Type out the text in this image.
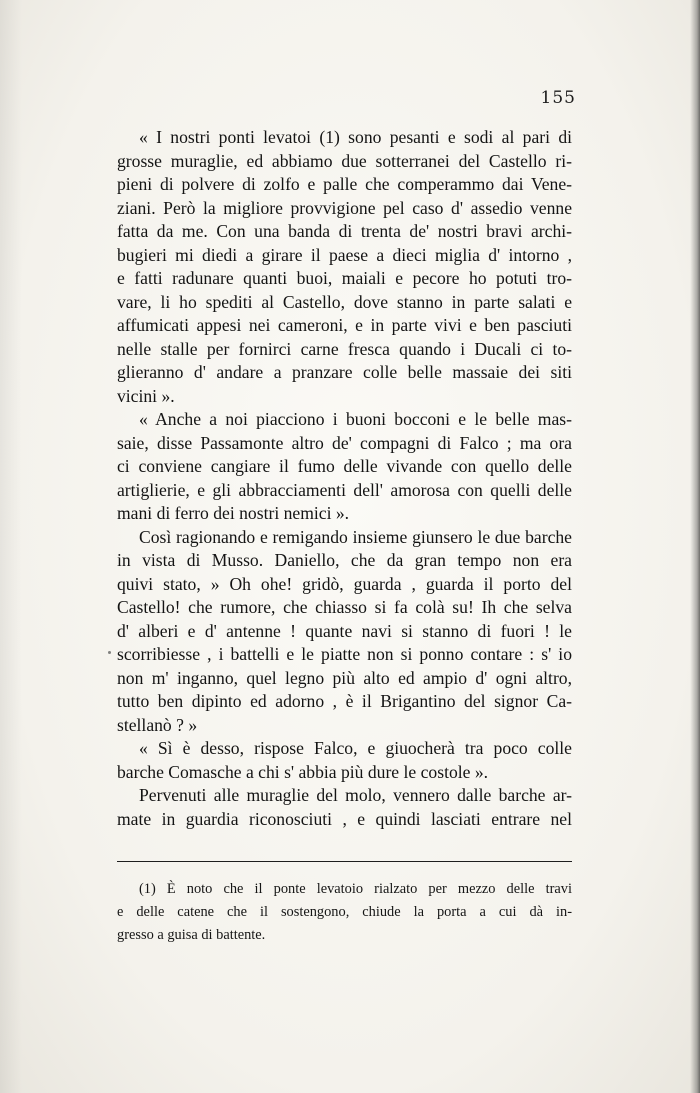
155

« I nostri ponti levatoi (1) sono pesanti e sodi al pari di
grosse muraglie, ed abbiamo due sotterranei del Castello ri-
pieni di polvere di zolfo e palle che comperammo dai Vene-
ziani. Però la migliore provvigione pel caso d' assedio venne
fatta da me. Con una banda di trenta de' nostri bravi archi-
bugieri mi diedi a girare il paese a dieci miglia d' intorno ,
e fatti radunare quanti buoi, maiali e pecore ho potuti tro-
vare, li ho spediti al Castello, dove stanno in parte salati e
affumicati appesi nei cameroni, e in parte vivi e ben pasciuti
nelle stalle per fornirci carne fresca quando i Ducali ci to-
glieranno d' andare a pranzare colle belle massaie dei siti
vicini ».

« Anche a noi piacciono i buoni bocconi e le belle mas-
saie, disse Passamonte altro de' compagni di Falco ; ma ora
ci conviene cangiare il fumo delle vivande con quello delle
artiglierie, e gli abbracciamenti dell' amorosa con quelli delle
mani di ferro dei nostri nemici ».

Così ragionando e remigando insieme giunsero le due barche
in vista di Musso. Daniello, che da gran tempo non era
quivi stato, » Oh ohe! gridò, guarda , guarda il porto del
Castello! che rumore, che chiasso si fa colà su! Ih che selva
d' alberi e d' antenne ! quante navi si stanno di fuori ! le
scorribiesse , i battelli e le piatte non si ponno contare : s' io
non m' inganno, quel legno più alto ed ampio d' ogni altro,
tutto ben dipinto ed adorno , è il Brigantino del signor Ca-
stellanò ? »

« Sì è desso, rispose Falco, e giuocherà tra poco colle
barche Comasche a chi s' abbia più dure le costole ».

Pervenuti alle muraglie del molo, vennero dalle barche ar-
mate in guardia riconosciuti , e quindi lasciati entrare nel

(1) È noto che il ponte levatoio rialzato per mezzo delle travi
e delle catene che il sostengono, chiude la porta a cui dà in-
gresso a guisa di battente.
